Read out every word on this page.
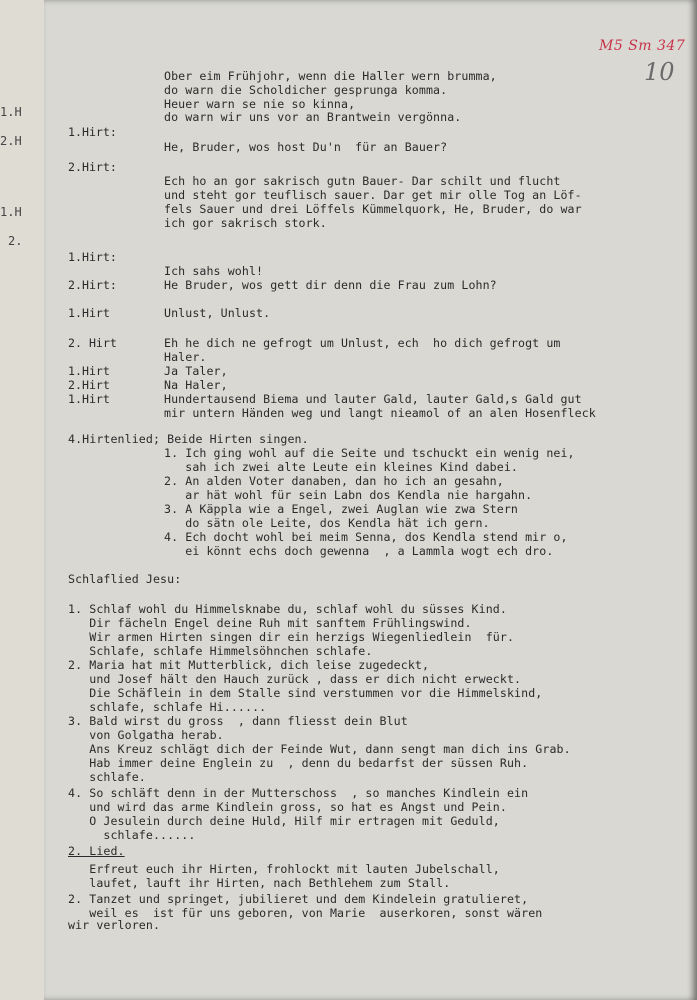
1.H
2.H
1.H
2.
M5 Sm 347
10
Ober eim Frühjohr, wenn die Haller wern brumma,
do warn die Scholdicher gesprunga komma.
Heuer warn se nie so kinna,
do warn wir uns vor an Brantwein vergönna.
1.Hirt:
He, Bruder, wos host Du'n  für an Bauer?
2.Hirt:
Ech ho an gor sakrisch gutn Bauer- Dar schilt und flucht
und steht gor teuflisch sauer. Dar get mir olle Tog an Löf-
fels Sauer und drei Löffels Kümmelquork, He, Bruder, do war
ich gor sakrisch stork.
1.Hirt:
Ich sahs wohl!
2.Hirt:	He Bruder, wos gett dir denn die Frau zum Lohn?
1.Hirt	Unlust, Unlust.
2. Hirt	Eh he dich ne gefrogt um Unlust, ech  ho dich gefrogt um
Haler.
1.Hirt	Ja Taler,
2.Hirt	Na Haler,
1.Hirt	Hundertausend Biema und lauter Gald, lauter Gald,s Gald gut
mir untern Händen weg und langt nieamol of an alen Hosenfleck
4.Hirtenlied; Beide Hirten singen.
1. Ich ging wohl auf die Seite und tschuckt ein wenig nei,
sah ich zwei alte Leute ein kleines Kind dabei.
2. An alden Voter danaben, dan ho ich an gesahn,
ar hät wohl für sein Labn dos Kendla nie hargahn.
3. A Käppla wie a Engel, zwei Auglan wie zwa Stern
do sätn ole Leite, dos Kendla hät ich gern.
4. Ech docht wohl bei meim Senna, dos Kendla stend mir o,
ei könnt echs doch gewenna  , a Lammla wogt ech dro.
Schlaflied Jesu:
1. Schlaf wohl du Himmelsknabe du, schlaf wohl du süsses Kind.
Dir fächeln Engel deine Ruh mit sanftem Frühlingswind.
Wir armen Hirten singen dir ein herzigs Wiegenliedlein  für.
Schlafe, schlafe Himmelsöhnchen schlafe.
2. Maria hat mit Mutterblick, dich leise zugedeckt,
und Josef hält den Hauch zurück , dass er dich nicht erweckt.
Die Schäflein in dem Stalle sind verstummen vor die Himmelskind,
schlafe, schlafe Hi......
3. Bald wirst du gross  , dann fliesst dein Blut
von Golgatha herab.
Ans Kreuz schlägt dich der Feinde Wut, dann sengt man dich ins Grab.
Hab immer deine Englein zu  , denn du bedarfst der süssen Ruh.
schlafe.
4. So schläft denn in der Mutterschoss  , so manches Kindlein ein
und wird das arme Kindlein gross, so hat es Angst und Pein.
O Jesulein durch deine Huld, Hilf mir ertragen mit Geduld,
schlafe......
2. Lied.
Erfreut euch ihr Hirten, frohlockt mit lauten Jubelschall,
laufet, lauft ihr Hirten, nach Bethlehem zum Stall.
2. Tanzet und springet, jubilieret und dem Kindelein gratulieret,
weil es  ist für uns geboren, von Marie  auserkoren, sonst wären
wir verloren.
